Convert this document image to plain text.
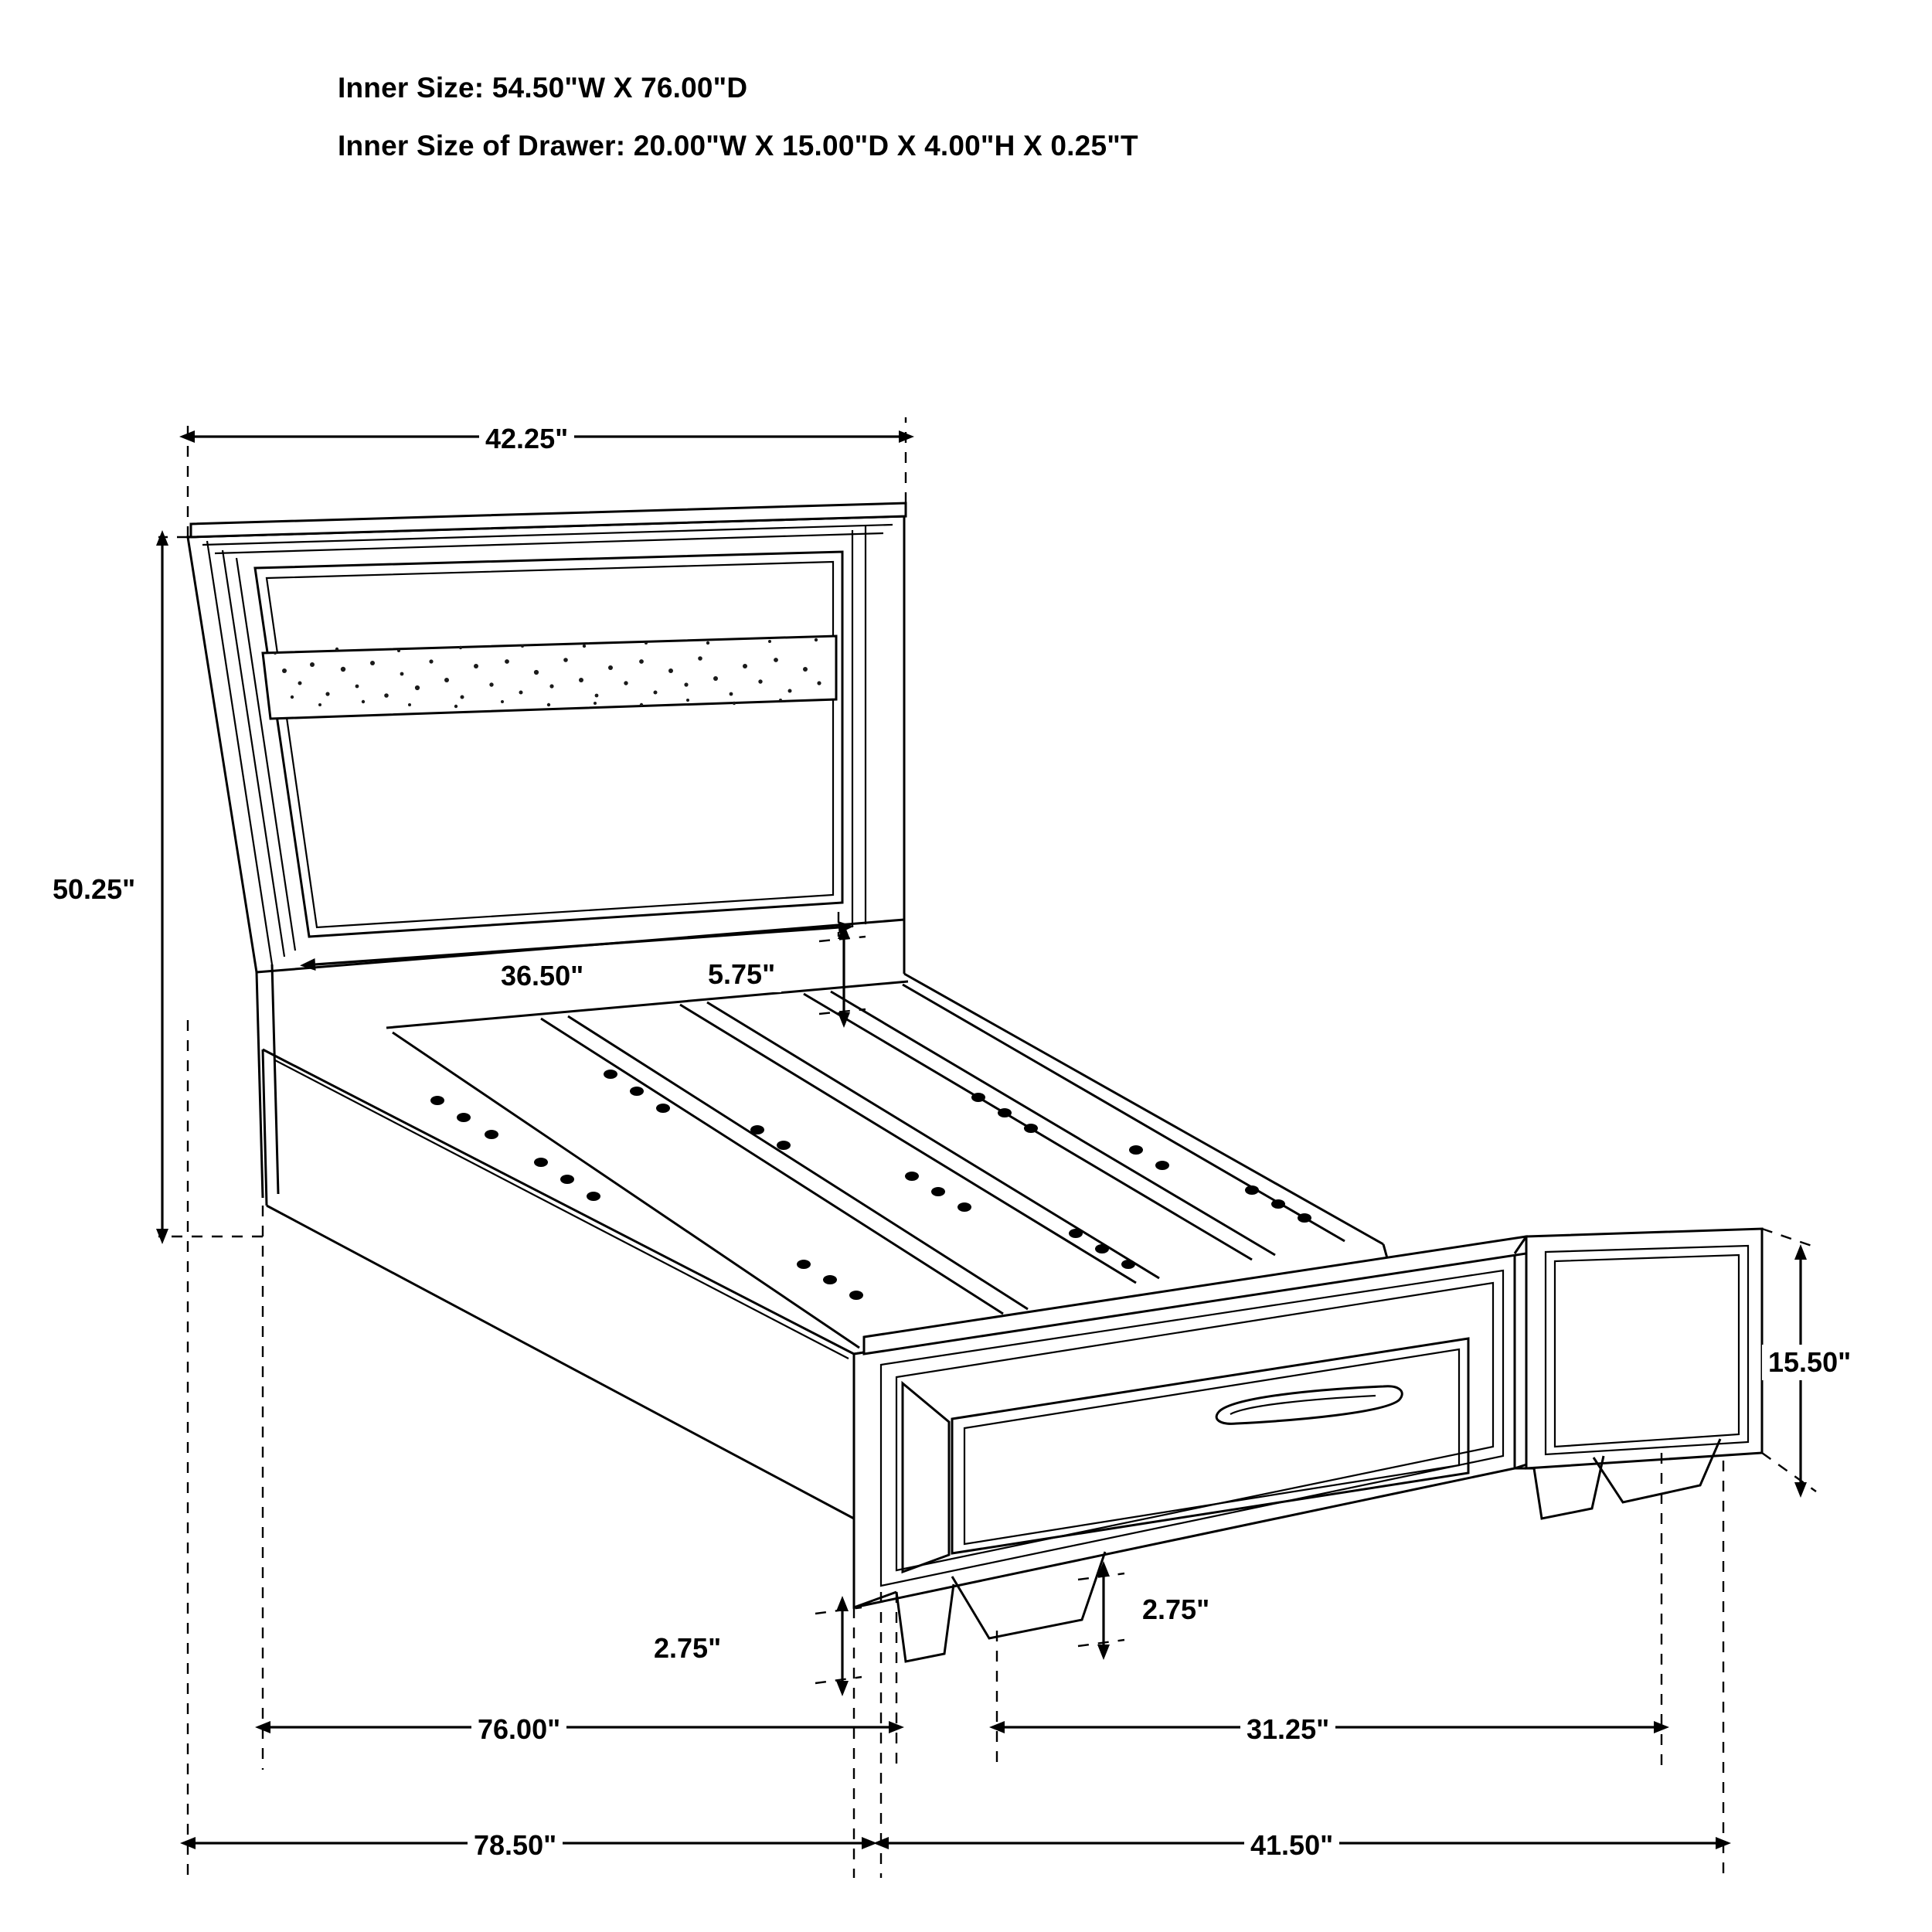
Inner Size: 54.50"W X 76.00"D
Inner Size of Drawer: 20.00"W X 15.00"D X 4.00"H X 0.25"T
42.25"
50.25"
36.50"	5.75"
15.50"
2.75"
2.75"
76.00"	31.25"
78.50"	41.50"
